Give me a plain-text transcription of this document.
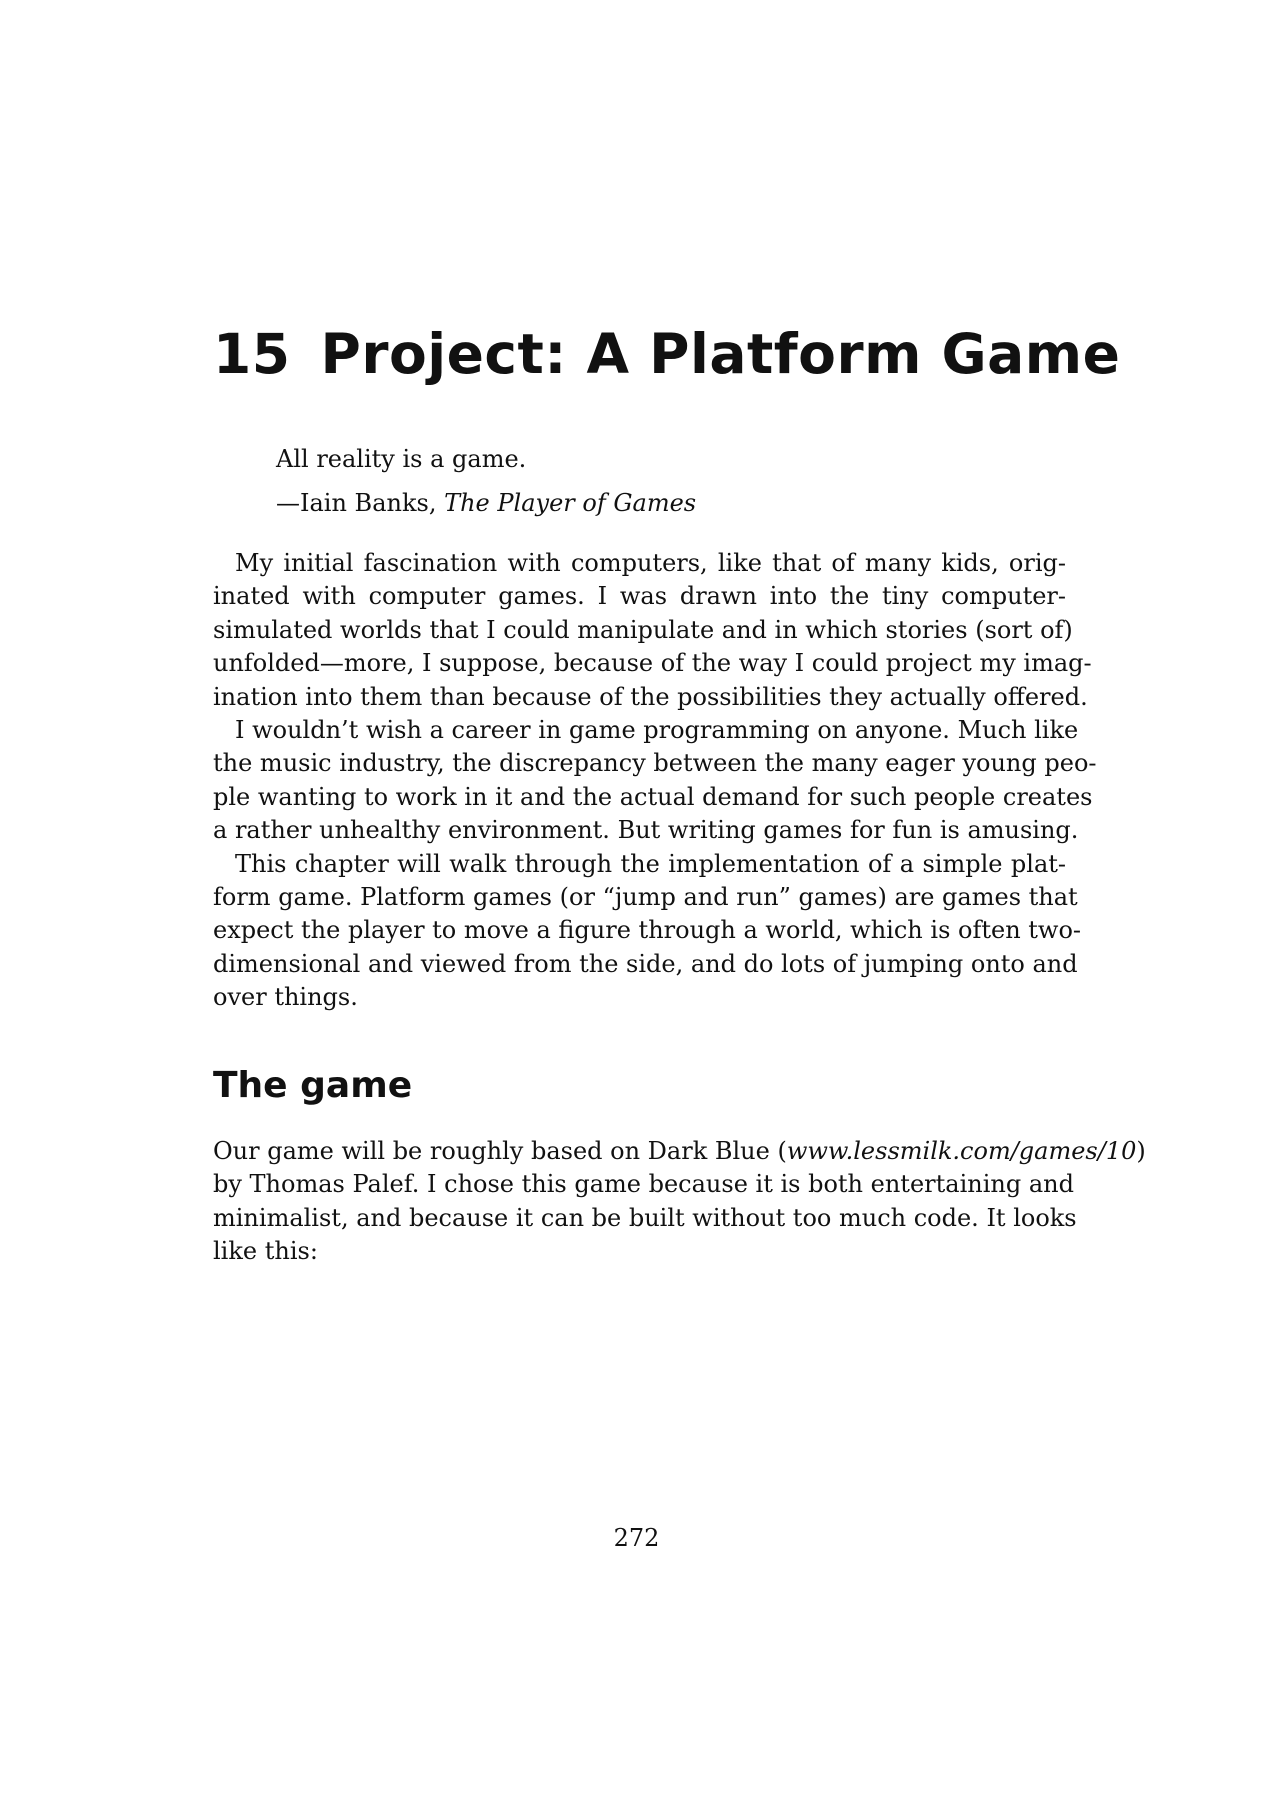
15 Project: A Platform Game
All reality is a game.
—Iain Banks, The Player of Games
My initial fascination with computers, like that of many kids, orig-
inated with computer games. I was drawn into the tiny computer-
simulated worlds that I could manipulate and in which stories (sort of)
unfolded—more, I suppose, because of the way I could project my imag-
ination into them than because of the possibilities they actually offered.
I wouldn’t wish a career in game programming on anyone. Much like
the music industry, the discrepancy between the many eager young peo-
ple wanting to work in it and the actual demand for such people creates
a rather unhealthy environment. But writing games for fun is amusing.
This chapter will walk through the implementation of a simple plat-
form game. Platform games (or “jump and run” games) are games that
expect the player to move a figure through a world, which is often two-
dimensional and viewed from the side, and do lots of jumping onto and
over things.
The game
Our game will be roughly based on Dark Blue (www.lessmilk.com/games/10)
by Thomas Palef. I chose this game because it is both entertaining and
minimalist, and because it can be built without too much code. It looks
like this:
272
